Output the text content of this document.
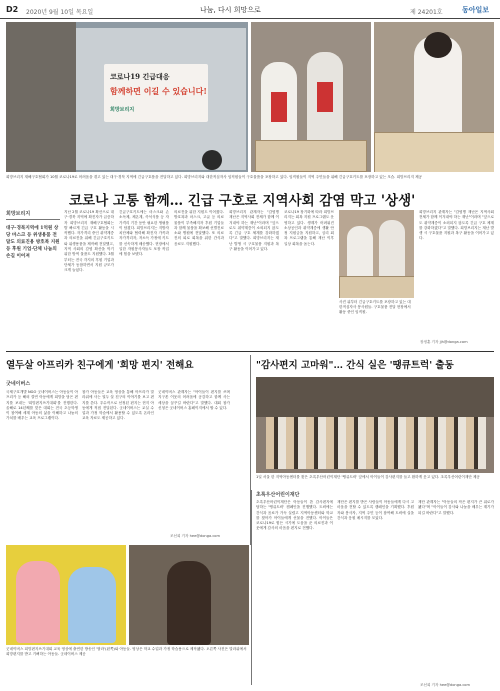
D2 2020년 9월 10일 목요일	나눔, 다시 희망으로	제 24201호	동아일보
코로나19 긴급대응
함께하면 이길 수 있습니다!
희망브리지
희망브리지 재해구호협회가 10월 코로나19로 어려움을 겪고 있는 대구·경북 지역에 긴급구호품을 전달하고 있다. 희망브리지와 대한적십자사 임직원들이 구호물품을 포장하고 있다. 임직원들이 지역 주민들을 위해 긴급구호키트를 포장하고 있는 모습. 희망브리지 제공
코로나 고통 함께… 긴급 구호로 지역사회 감염 막고 '상생'
희망브리지
대구·경북지역에 1억원 상당 마스크 등 위생용품 전달도 의료진용 방호복 지원 등 후원 기업·단체 나눔의 손길 이어져
지난 2월 코로나19 확산으로 대구·경북 지역에 확진자가 급증하자 희망브리지 재해구호협회는 발 빠르게 긴급 구호 활동을 시작했다. 자가격리 중인 취약계층과 의료진을 위해 긴급구호키트와 위생용품을 제작해 전달했고, 지역 사회의 감염 확산을 막기 위한 방역 물품도 지원했다. 3월부터는 전국 각지의 후원 기업과 단체가 동참하면서 지원 규모가 크게 늘었다.
긴급구호키트에는 마스크와 손소독제, 체온계, 즉석식품 등 자가격리 기간 동안 필요한 생필품이 담겼다. 희망브리지는 지방자치단체와 협력해 확진자 가족과 자가격리자, 저소득 가정에 키트를 신속하게 배송했다. 현장에서 일한 자원봉사자들도 포장 작업에 힘을 보탰다.
의료진을 위한 지원도 이어졌다. 방호복과 마스크, 고글 등 의료 물품이 부족해지자 후원 기업들과 함께 물품을 확보해 선별진료소와 병원에 전달했다. 또 의료진의 피로 회복을 위한 간식과 음료도 지원했다.
희망브리지 관계자는 "감염병 재난은 지역사회 전체가 함께 이겨내야 하는 재난"이라며 "앞으로도 취약계층이 소외되지 않도록 긴급 구호 체계를 강화하겠다"고 말했다. 희망브리지는 재난 발생 시 구호물품 지원과 복구 활동을 이어가고 있다.
코로나19 장기화에 따라 희망브리지는 회복 지원 프로그램도 운영하고 있다. 생계가 어려워진 소상공인과 취약계층에 생활 안정 지원금을 지원하고, 심리 회복 프로그램을 통해 재난 이후 일상 회복을 돕는다.
사진 위부터 긴급구호키트를 포장하고 있는 대한적십자사 봉사원들. 구호물품 전달 현장에서 활동 중인 임직원.
희망브리지 관계자는 "감염병 재난은 지역사회 전체가 함께 이겨내야 하는 재난"이라며 "앞으로도 취약계층이 소외되지 않도록 긴급 구호 체계를 강화하겠다"고 말했다. 희망브리지는 재난 발생 시 구호물품 지원과 복구 활동을 이어가고 있다.
장정훈 기자 jjh@donga.com
열두살 아프리카 친구에게 '희망 편지' 전해요
굿네이버스
국제구호개발 NGO 굿네이버스는 아동들이 아프리카 등 해외 결연 아동에게 희망을 담은 편지를 보내는 '희망편지쓰기대회'를 진행한다. 올해로 14년째를 맞은 대회는 전국 초등학생이 참여해 세계 아동의 삶을 이해하고 나눔의 가치를 배우는 교육 프로그램이다.
참가 아동들은 교육 영상을 통해 아프리카 말라위에 사는 열두 살 친구의 이야기를 보고 편지를 쓴다. 우수작으로 선정된 편지는 현지 아동에게 직접 전달된다. 굿네이버스는 교실 수업과 가정 학습에서 활용할 수 있도록 온라인 교육 자료도 제공하고 있다.
굿네이버스 관계자는 "아이들이 편지를 쓰며 지구촌 이웃의 어려움에 공감하고 함께 사는 세상을 꿈꾸길 바란다"고 말했다. 대회 참가 신청은 굿네이버스 홈페이지에서 할 수 있다.
조선희 기자 hee@donga.com
"감사편지 고마워"… 간식 실은 '땡큐트럭' 출동
1일 서울 한 지역아동센터를 찾은 초록우산어린이재단 '땡큐트럭' 앞에서 아이들이 감사편지를 들고 환하게 웃고 있다. 초록우산어린이재단 제공
초록우산어린이재단
초록우산어린이재단은 아동들이 쓴 감사편지에 답하는 '땡큐트럭' 캠페인을 진행했다. 트럭에는 간식과 음료가 가득 실렸고 지역아동센터와 학교를 찾아가 아이들에게 선물을 전했다. 아이들은 코로나19로 힘든 시기에 도움을 준 의료진과 이웃에게 감사의 마음을 편지로 전했다.
재단은 편지를 받은 사람들이 아동들에게 다시 고마움을 전할 수 있도록 캠페인을 기획했다. 후원자와 봉사자, 지역 주민 등이 참여해 트럭에 실을 간식과 응원 메시지를 모았다.
재단 관계자는 "아동들의 작은 편지가 큰 위로가 됐다"며 "아이들이 감사와 나눔을 배우는 계기가 되길 바란다"고 말했다.
조선희 기자 hee@donga.com
굿네이버스 희망편지쓰기대회 교육 영상에 출연한 방송인 '딸라'(왼쪽)와 아동들. 영상은 학교 수업과 가정 학습용으로 제작됐다. 오른쪽 사진은 말라위에서 희망편지를 받고 기뻐하는 아동들. 굿네이버스 제공
